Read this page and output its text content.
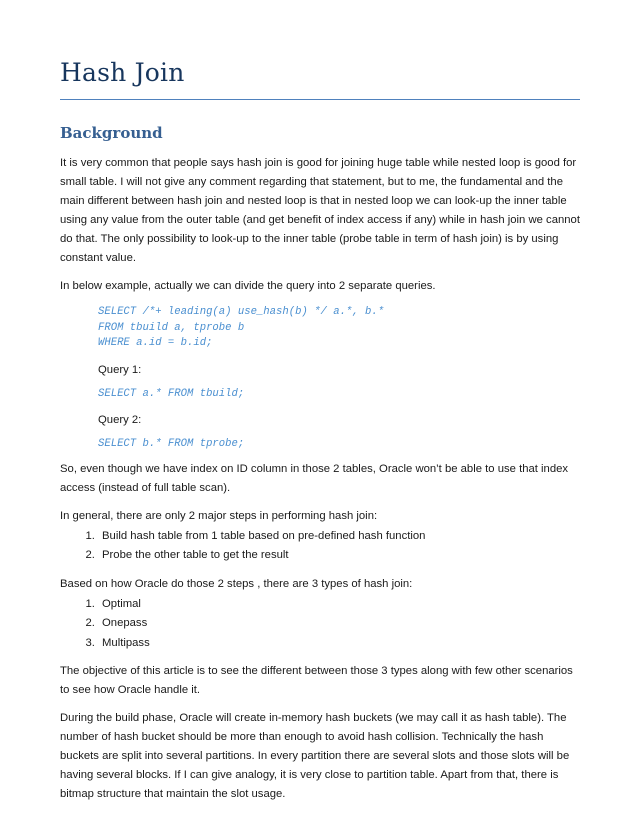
Hash Join
Background

It is very common that people says hash join is good for joining huge table while nested loop is good for small table. I will not give any comment regarding that statement, but to me, the fundamental and the main different between hash join and nested loop is that in nested loop we can look-up the inner table using any value from the outer table (and get benefit of index access if any) while in hash join we cannot do that. The only possibility to look-up to the inner table (probe table in term of hash join) is by using constant value.

In below example, actually we can divide the query into 2 separate queries.

SELECT /*+ leading(a) use_hash(b) */ a.*, b.*
FROM tbuild a, tprobe b
WHERE a.id = b.id;
Query 1:
SELECT a.* FROM tbuild;
Query 2:
SELECT b.* FROM tprobe;

So, even though we have index on ID column in those 2 tables, Oracle won’t be able to use that index access (instead of full table scan).

In general, there are only 2 major steps in performing hash join:

1. Build hash table from 1 table based on pre-defined hash function
2. Probe the other table to get the result

Based on how Oracle do those 2 steps , there are 3 types of hash join:

1. Optimal
2. Onepass
3. Multipass

The objective of this article is to see the different between those 3 types along with few other scenarios to see how Oracle handle it.

During the build phase, Oracle will create in-memory hash buckets (we may call it as hash table). The number of hash bucket should be more than enough to avoid hash collision. Technically the hash buckets are split into several partitions. In every partition there are several slots and those slots will be having several blocks. If I can give analogy, it is very close to partition table. Apart from that, there is bitmap structure that maintain the slot usage.
